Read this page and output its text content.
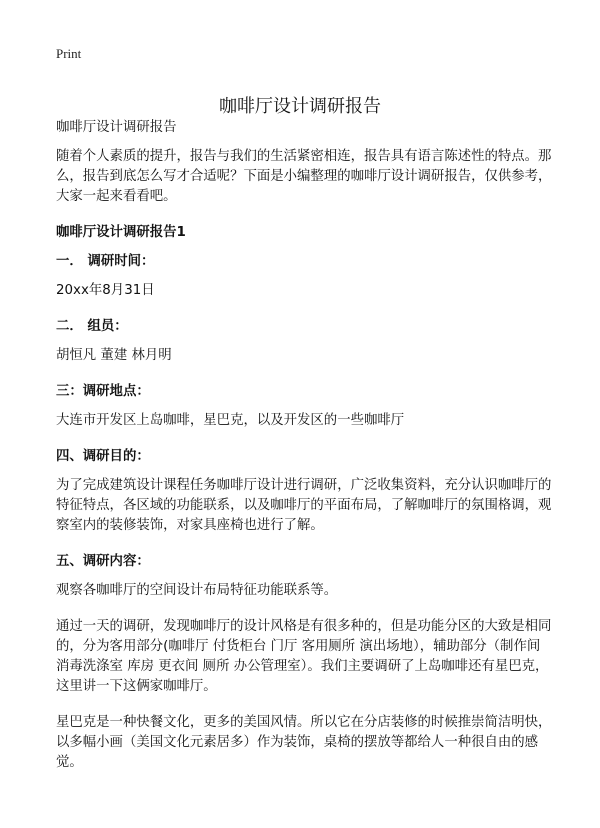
Print
咖啡厅设计调研报告

咖啡厅设计调研报告

随着个人素质的提升，报告与我们的生活紧密相连，报告具有语言陈述性的特点。那么，报告到底怎么写才合适呢？下面是小编整理的咖啡厅设计调研报告，仅供参考，大家一起来看看吧。

咖啡厅设计调研报告1

一． 调研时间：

20xx年8月31日

二． 组员：

胡恒凡 董建 林月明

三：调研地点：

大连市开发区上岛咖啡，星巴克，以及开发区的一些咖啡厅

四、调研目的：

为了完成建筑设计课程任务咖啡厅设计进行调研，广泛收集资料，充分认识咖啡厅的特征特点，各区域的功能联系，以及咖啡厅的平面布局，了解咖啡厅的氛围格调，观察室内的装修装饰，对家具座椅也进行了解。

五、调研内容：

观察各咖啡厅的空间设计布局特征功能联系等。

通过一天的调研，发现咖啡厅的设计风格是有很多种的，但是功能分区的大致是相同的，分为客用部分(咖啡厅 付货柜台 门厅 客用厕所 演出场地），辅助部分（制作间 消毒洗涤室 库房 更衣间 厕所 办公管理室）。我们主要调研了上岛咖啡还有星巴克，这里讲一下这俩家咖啡厅。

星巴克是一种快餐文化，更多的美国风情。所以它在分店装修的时候推崇简洁明快，以多幅小画（美国文化元素居多）作为装饰，桌椅的摆放等都给人一种很自由的感觉。
